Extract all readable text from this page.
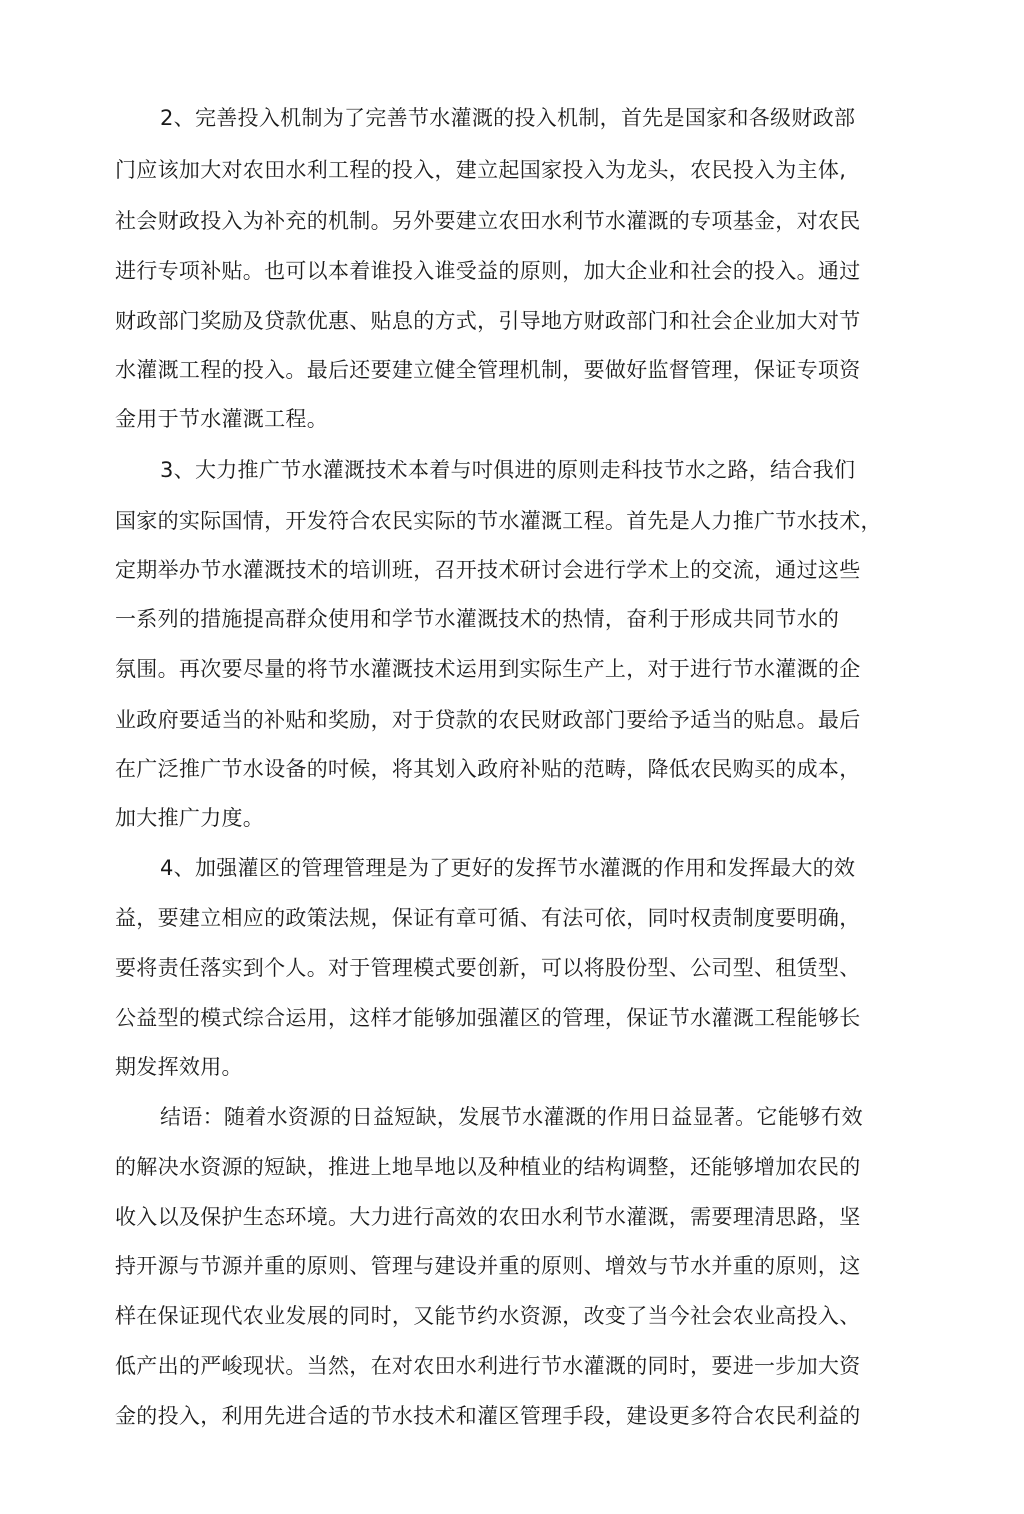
2、完善投入机制为了完善节水灌溉的投入机制，首先是国家和各级财政部
门应该加大对农田水利工程的投入，建立起国家投入为龙头，农民投入为主体,
社会财政投入为补充的机制。另外要建立农田水利节水灌溉的专项基金，对农民
进行专项补贴。也可以本着谁投入谁受益的原则，加大企业和社会的投入。通过
财政部门奖励及贷款优惠、贴息的方式，引导地方财政部门和社会企业加大对节
水灌溉工程的投入。最后还要建立健全管理机制，要做好监督管理，保证专项资
金用于节水灌溉工程。
3、大力推广节水灌溉技术本着与吋俱进的原则走科技节水之路，结合我们
国家的实际国情，开发符合农民实际的节水灌溉工程。首先是人力推广节水技术，
定期举办节水灌溉技术的培训班，召开技术研讨会进行学术上的交流，通过这些
一系列的措施提高群众使用和学节水灌溉技术的热情，奋利于形成共同节水的
氛围。再次要尽量的将节水灌溉技术运用到实际生产上，对于进行节水灌溉的企
业政府要适当的补贴和奖励，对于贷款的农民财政部门要给予适当的贴息。最后
在广泛推广节水设备的吋候，将其划入政府补贴的范畴，降低农民购买的成本，
加大推广力度。
4、加强灌区的管理管理是为了更好的发挥节水灌溉的作用和发挥最大的效
益，要建立相应的政策法规，保证有章可循、有法可依，同吋权责制度要明确，
要将责任落实到个人。对于管理模式要创新，可以将股份型、公司型、租赁型、
公益型的模式综合运用，这样才能够加强灌区的管理，保证节水灌溉工程能够长
期发挥效用。
结语：随着水资源的日益短缺，发展节水灌溉的作用日益显著。它能够冇效
的解决水资源的短缺，推进上地旱地以及种植业的结构调整，还能够增加农民的
收入以及保护生态环境。大力进行高效的农田水利节水灌溉，需要理清思路，坚
持开源与节源并重的原则、管理与建设并重的原则、增效与节水并重的原则，这
样在保证现代农业发展的同时，又能节约水资源，改变了当今社会农业高投入、
低产出的严峻现状。当然，在对农田水利进行节水灌溉的同时，要进一步加大资
金的投入，利用先进合适的节水技术和灌区管理手段，建设更多符合农民利益的
